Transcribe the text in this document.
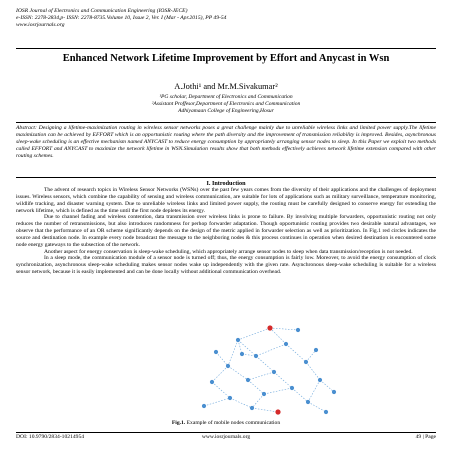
IOSR Journal of Electronics and Communication Engineering (IOSR-JECE)
e-ISSN: 2278-2834,p- ISSN: 2278-8735.Volume 10, Issue 2, Ver. I (Mar - Apr.2015), PP 49-54
www.iosrjournals.org
Enhanced Network Lifetime Improvement by Effort and Anycast in Wsn
A.Jothi¹ and Mr.M.Sivakumar²
¹PG scholar, Department of Electronics and Communication
²Assistant Proffesor,Department of Electronics and Communication
Adhiyamaan College of Engineering,Hosur
Abstract: Designing a lifetime-maximization routing in wireless sensor networks poses a great challenge mainly due to unreliable wireless links and limited power supply.The lifetime maximization can be achieved by EFFORT which is an opportunistic routing where the path diversity and the improvement of transmission reliability is improved. Besides, asynchronous sleep-wake scheduling is an effective mechanism named ANYCAST to reduce energy consumption by appropriately arranging sensor nodes to sleep. In this Paper we exploit two methods called EFFORT and ANYCAST to maximize the network lifetime in WSN.Simulation results show that both methods effectively achieves network lifetime extension compared with other routing schemes.
I. Introduction

The advent of research topics in Wireless Sensor Networks (WSNs) over the past few years comes from the diversity of their applications and the challenges of deployment issues. Wireless sensors, which combine the capability of sensing and wireless communication, are suitable for lots of applications such as military surveillance, temperature monitoring, wildlife tracking, and disaster warning system. Due to unreliable wireless links and limited power supply, the routing must be carefully designed to conserve energy for extending the network lifetime, which is defined as the time until the first node depletes its energy.

Due to channel fading and wireless contention, data transmission over wireless links is prone to failure. By involving multiple forwarders, opportunistic routing not only reduces the number of retransmissions, but also introduces randomness for perhop forwarder adaptation. Though opportunistic routing provides two desirable natural advantages, we observe that the performance of an OR scheme significantly depends on the design of the metric applied in forwarder selection as well as prioritization. In Fig.1 red circles indicates the source and destination node. In example every node broadcast the message to the neighboring nodes & this process continues in operation when desired destination is encountered some node energy gateways to the subsection of the network.

Another aspect for energy conservation is sleep-wake scheduling, which appropriately arrange sensor nodes to sleep when data transmission/reception is not needed.

In a sleep mode, the communication module of a sensor node is turned off; thus, the energy consumption is fairly low. Moreover, to avoid the energy consumption of clock synchronization, asynchronous sleep-wake scheduling makes sensor nodes wake up independently with the given rate. Asynchronous sleep-wake scheduling is suitable for a wireless sensor network, because it is easily implemented and can be done locally without additional communication overhead.

Fig.1. Example of mobile nodes communication
DOI: 10.9790/2834-10214954	www.iosrjournals.org	49 | Page
